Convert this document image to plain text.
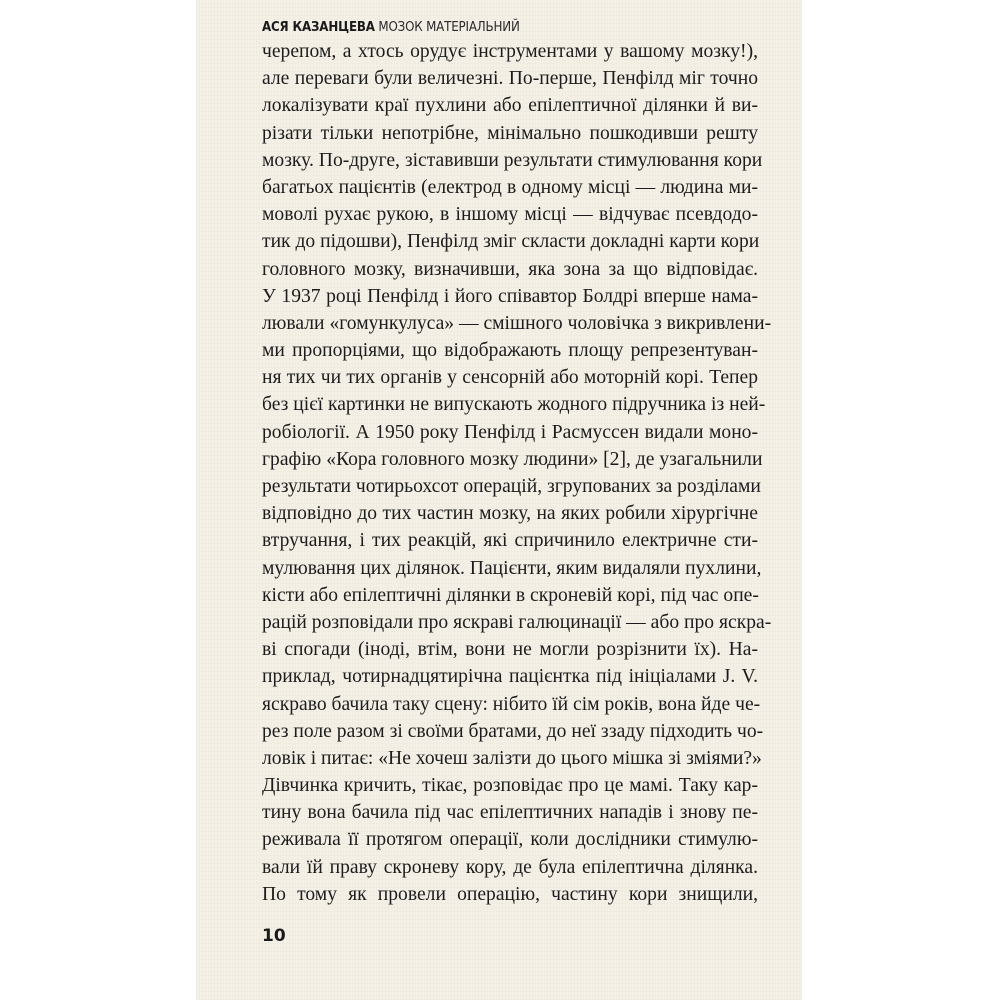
АСЯ КАЗАНЦЕВА МОЗОК МАТЕРІАЛЬНИЙ
черепом, а хтось орудує інструментами у вашому мозку!),
але переваги були величезні. По-перше, Пенфілд міг точно
локалізувати краї пухлини або епілептичної ділянки й ви-
різати тільки непотрібне, мінімально пошкодивши решту
мозку. По-друге, зіставивши результати стимулювання кори
багатьох пацієнтів (електрод в одному місці — людина ми-
моволі рухає рукою, в іншому місці — відчуває псевдодо-
тик до підошви), Пенфілд зміг скласти докладні карти кори
головного мозку, визначивши, яка зона за що відповідає.
У 1937 році Пенфілд і його співавтор Болдрі вперше нама-
лювали «гомункулуса» — смішного чоловічка з викривлени-
ми пропорціями, що відображають площу репрезентуван-
ня тих чи тих органів у сенсорній або моторній корі. Тепер
без цієї картинки не випускають жодного підручника із ней-
робіології. А 1950 року Пенфілд і Расмуссен видали моно-
графію «Кора головного мозку людини» [2], де узагальнили
результати чотирьохсот операцій, згрупованих за розділами
відповідно до тих частин мозку, на яких робили хірургічне
втручання, і тих реакцій, які спричинило електричне сти-
мулювання цих ділянок. Пацієнти, яким видаляли пухлини,
кісти або епілептичні ділянки в скроневій корі, під час опе-
рацій розповідали про яскраві галюцинації — або про яскра-
ві спогади (іноді, втім, вони не могли розрізнити їх). На-
приклад, чотирнадцятирічна пацієнтка під ініціалами J. V.
яскраво бачила таку сцену: нібито їй сім років, вона йде че-
рез поле разом зі своїми братами, до неї ззаду підходить чо-
ловік і питає: «Не хочеш залізти до цього мішка зі зміями?»
Дівчинка кричить, тікає, розповідає про це мамі. Таку кар-
тину вона бачила під час епілептичних нападів і знову пе-
реживала її протягом операції, коли дослідники стимулю-
вали їй праву скроневу кору, де була епілептична ділянка.
По тому як провели операцію, частину кори знищили,
10
